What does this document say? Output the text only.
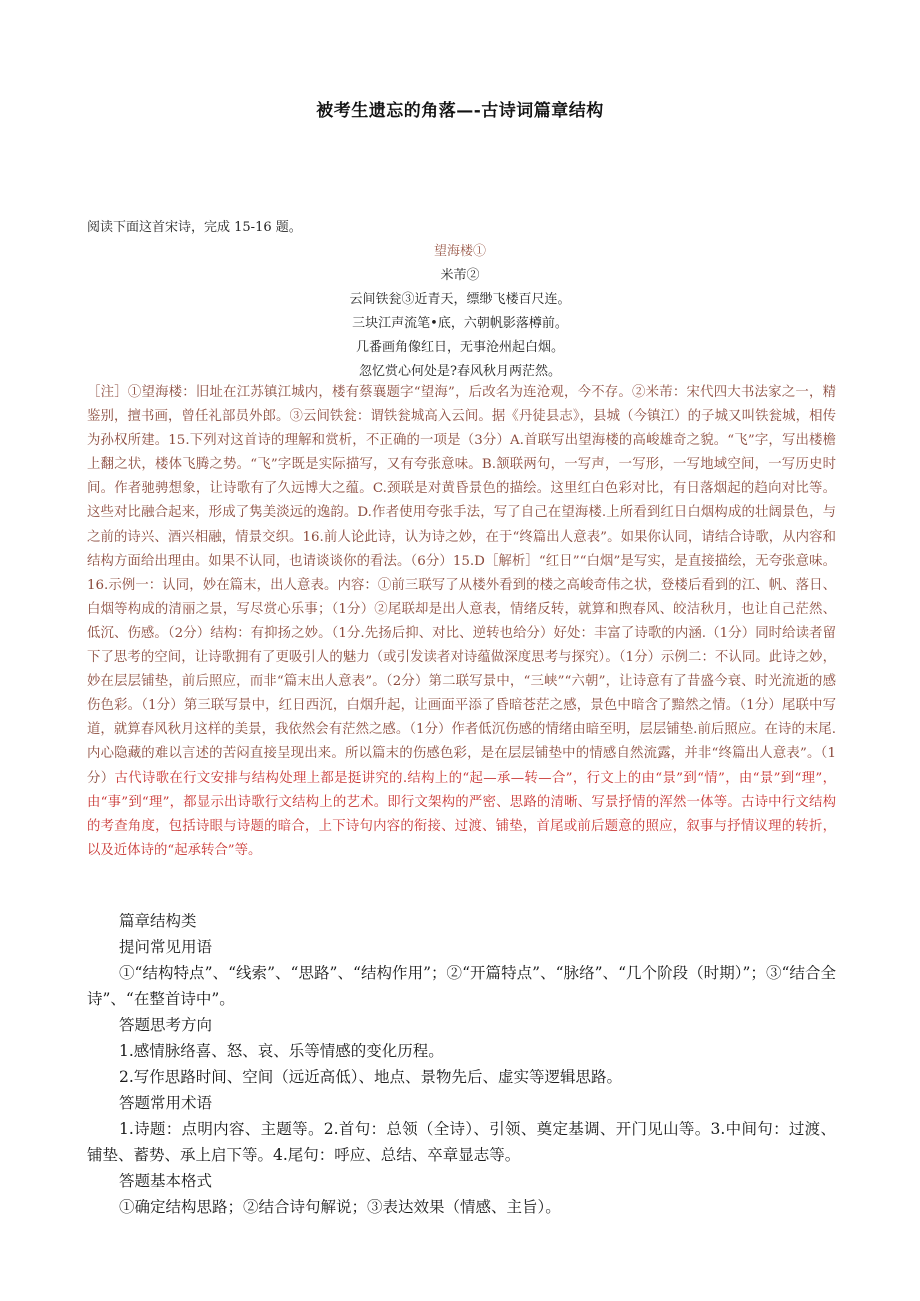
被考生遗忘的角落—-古诗词篇章结构
阅读下面这首宋诗，完成 15-16 题。
望海楼①
米芾②
云间铁瓮③近青天，缥缈飞楼百尺连。
三块江声流笔•底，六朝帆影落樽前。
几番画角像红日，无事沧州起白烟。
忽忆赏心何处是?春风秋月两茫然。
［注］①望海楼：旧址在江苏镇江城内，楼有蔡襄题字“望海”，后改名为连沧观，今不存。②米芾：宋代四大书法家之一，精鉴别，擅书画，曾任礼部员外郎。③云间铁瓮：谓铁瓮城高入云间。据《丹徒县志》，县城（今镇江）的子城又叫铁瓮城，相传为孙权所建。15.下列对这首诗的理解和赏析，不正确的一项是（3分）A.首联写出望海楼的高峻雄奇之貌。“飞”字，写出楼檐上翻之状，楼体飞腾之势。“飞”字既是实际描写，又有夸张意味。B.颔联两句，一写声，一写形，一写地域空间，一写历史时间。作者驰骋想象，让诗歌有了久远博大之蕴。C.颈联是对黄昏景色的描绘。这里红白色彩对比，有日落烟起的趋向对比等。这些对比融合起来，形成了隽美淡远的逸韵。D.作者使用夸张手法，写了自己在望海楼.上所看到红日白烟构成的壮阔景色，与之前的诗兴、酒兴相融，情景交织。16.前人论此诗，认为诗之妙，在于“终篇出人意表”。如果你认同，请结合诗歌，从内容和结构方面给出理由。如果不认同，也请谈谈你的看法。（6分）15.D［解析］“红日”“白烟”是写实，是直接描绘，无夸张意味。16.示例一：认同，妙在篇末，出人意表。内容：①前三联写了从楼外看到的楼之高峻奇伟之状，登楼后看到的江、帆、落日、白烟等构成的清丽之景，写尽赏心乐事；（1分）②尾联却是出人意表，情绪反转，就算和煦春风、皎洁秋月，也让自己茫然、低沉、伤感。（2分）结构：有抑扬之妙。（1分.先扬后抑、对比、逆转也给分）好处：丰富了诗歌的内涵.（1分）同时给读者留下了思考的空间，让诗歌拥有了更吸引人的魅力（或引发读者对诗蕴做深度思考与探究）。（1分）示例二：不认同。此诗之妙，妙在层层铺垫，前后照应，而非“篇末出人意表”。（2分）第二联写景中，“三峡”“六朝”，让诗意有了昔盛今衰、时光流逝的感伤色彩。（1分）第三联写景中，红日西沉，白烟升起，让画面平添了昏暗苍茫之感，景色中暗含了黯然之情。（1分）尾联中写道，就算春风秋月这样的美景，我依然会有茫然之感。（1分）作者低沉伤感的情绪由暗至明，层层铺垫.前后照应。在诗的末尾.内心隐藏的难以言述的苦闷直接呈现出来。所以篇末的伤感色彩，是在层层铺垫中的情感自然流露，并非“终篇出人意表”。（1分）古代诗歌在行文安排与结构处理上都是挺讲究的.结构上的“起—承—转—合”，行文上的由“景”到“情”，由“景”到“理”，由“事”到“理”，都显示出诗歌行文结构上的艺术。即行文架构的严密、思路的清晰、写景抒情的浑然一体等。古诗中行文结构的考查角度，包括诗眼与诗题的暗合，上下诗句内容的衔接、过渡、铺垫，首尾或前后题意的照应，叙事与抒情议理的转折，以及近体诗的“起承转合”等。
篇章结构类
提问常见用语
①“结构特点”、“线索”、“思路”、“结构作用”；②“开篇特点”、“脉络”、“几个阶段（时期）”；③“结合全诗”、“在整首诗中”。
答题思考方向
1.感情脉络喜、怒、哀、乐等情感的变化历程。
2.写作思路时间、空间（远近高低）、地点、景物先后、虚实等逻辑思路。
答题常用术语
1.诗题：点明内容、主题等。2.首句：总领（全诗）、引领、奠定基调、开门见山等。3.中间句：过渡、铺垫、蓄势、承上启下等。4.尾句：呼应、总结、卒章显志等。
答题基本格式
①确定结构思路；②结合诗句解说；③表达效果（情感、主旨）。
